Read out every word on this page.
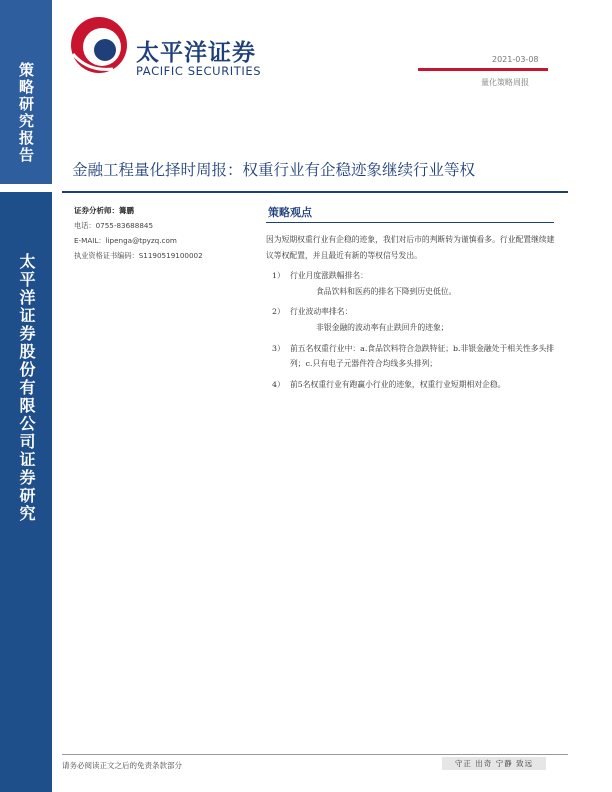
策略研究报告
太平洋证券股份有限公司证券研究
太平洋证券
PACIFIC SECURITIES
2021-03-08
量化策略周报
金融工程量化择时周报：权重行业有企稳迹象继续行业等权
证券分析师：篝鹏
电话：0755-83688845
E-MAIL：lipenga@tpyzq.com
执业资格证书编码：S1190519100002
策略观点

因为短期权重行业有企稳的迹象，我们对后市的判断转为谨慎看多。行业配置继续建议等权配置，并且最近有新的等权信号发出。

1） 行业月度涨跌幅排名：
食品饮料和医药的排名下降到历史低位。
2） 行业波动率排名：
非银金融的波动率有止跌回升的迹象；
3） 前五名权重行业中：a.食品饮料符合急跌特征；b.非银金融处于相关性多头排列；c.只有电子元器件符合均线多头排列；
4） 前5名权重行业有跑赢小行业的迹象，权重行业短期相对企稳。
请务必阅读正文之后的免责条款部分	守正 出奇 宁静 致远
